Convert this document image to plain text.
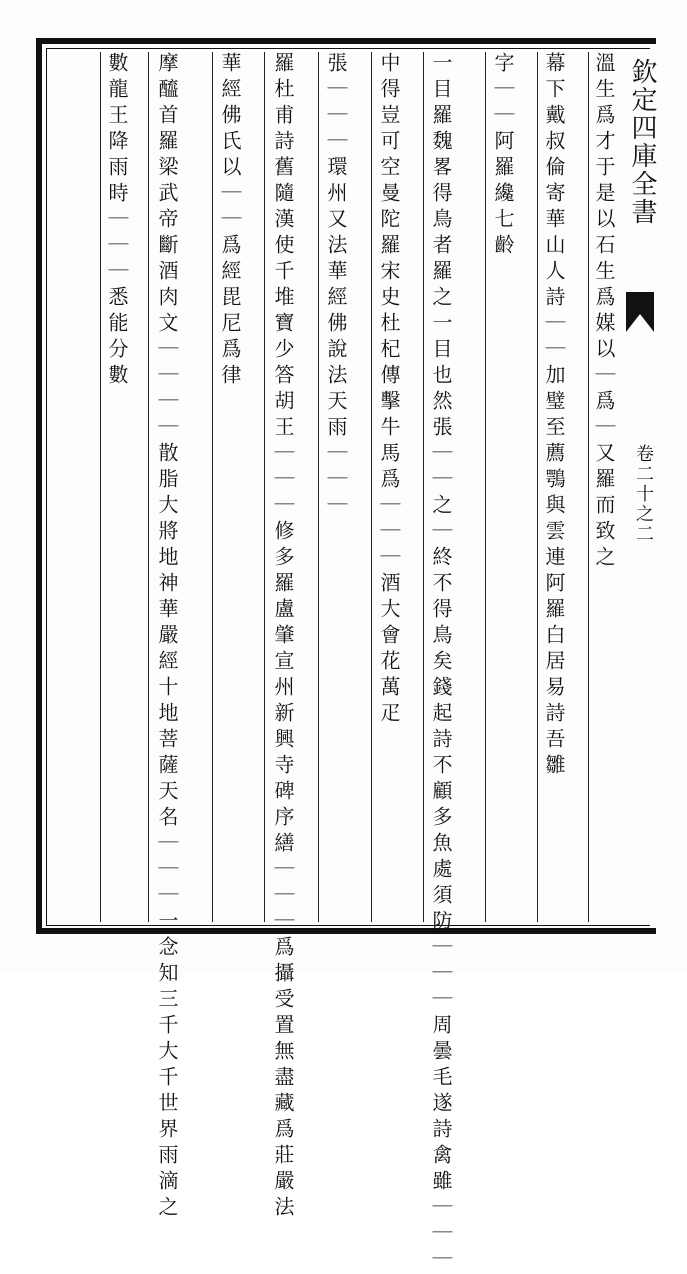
欽定四庫全書
卷二十之二
溫生爲才于是以石生爲媒以｜爲｜又羅而致之
幕下戴叔倫寄華山人詩｜｜加璧至薦鶚與雲連阿羅白居易詩吾雛
字｜｜阿羅纔七齡
一目羅魏畧得鳥者羅之一目也然張｜｜之｜終不得鳥矣錢起詩不顧多魚處須防｜｜｜周曇毛遂詩禽雖｜｜｜
中得豈可空曼陀羅宋史杜杞傳擊牛馬爲｜｜｜酒大會花萬疋
張｜｜｜環州又法華經佛說法天雨｜｜｜
羅杜甫詩舊隨漢使千堆寶少答胡王｜｜｜修多羅盧肇宣州新興寺碑序繕｜｜｜爲攝受置無盡藏爲莊嚴法
華經佛氏以｜｜爲經毘尼爲律
摩醯首羅梁武帝斷酒肉文｜｜｜｜散脂大將地神華嚴經十地菩薩天名｜｜｜一念知三千大千世界雨滴之
數龍王降雨時｜｜｜悉能分數
